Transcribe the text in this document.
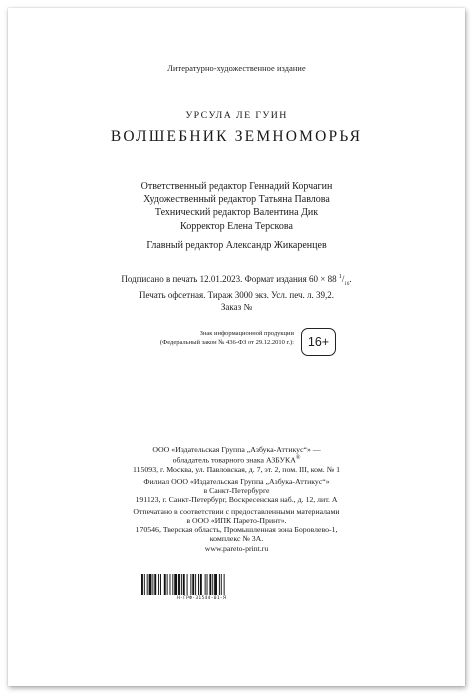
Литературно-художественное издание
УРСУЛА ЛЕ ГУИН
ВОЛШЕБНИК ЗЕМНОМОРЬЯ
Ответственный редактор Геннадий Корчагин
Художественный редактор Татьяна Павлова
Технический редактор Валентина Дик
Корректор Елена Терскова
Главный редактор Александр Жикаренцев
Подписано в печать 12.01.2023. Формат издания 60 × 88 $^1/_{16}$.
Печать офсетная. Тираж 3000 экз. Усл. печ. л. 39,2.
Заказ №
Знак информационной продукции
(Федеральный закон № 436-ФЗ от 29.12.2010 г.):	16+
ООО «Издательская Группа „Азбука-Аттикус“» —
обладатель товарного знака АЗБУКА®
115093, г. Москва, ул. Павловская, д. 7, эт. 2, пом. III, ком. № 1
Филиал ООО «Издательская Группа „Азбука-Аттикус“»
в Санкт-Петербурге
191123, г. Санкт-Петербург, Воскресенская наб., д. 12, лит. А
Отпечатано в соответствии с предоставленными материалами
в ООО «ИПК Парето-Принт».
170546, Тверская область, Промышленная зона Боровлево-1,
комплекс № 3А.
www.pareto-print.ru
Н-ГРФ-31544-01-Я
